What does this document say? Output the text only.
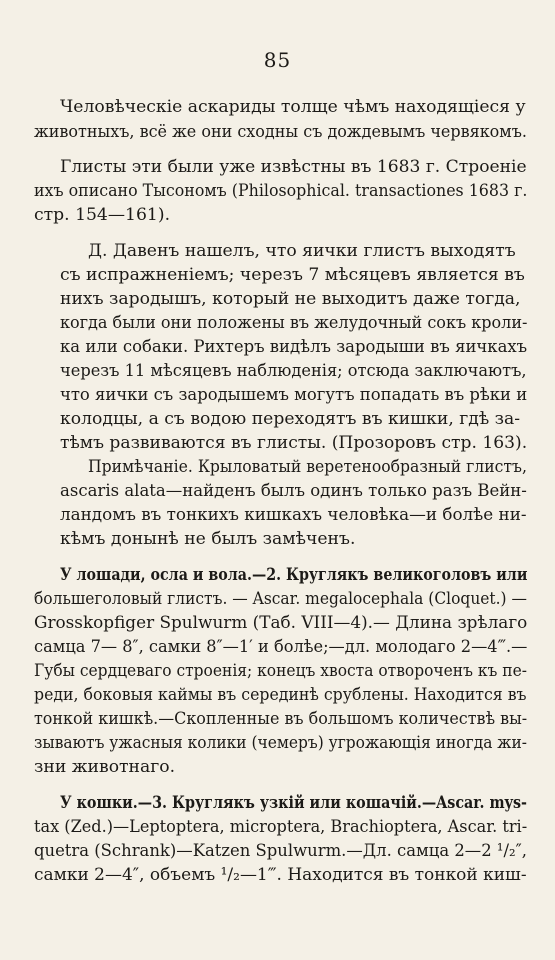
85
Человѣческіе аскариды толще чѣмъ находящіеся у
животныхъ, всё же они сходны съ дождевымъ червякомъ.
Глисты эти были уже извѣстны въ 1683 г. Строеніе
ихъ описано Тысономъ (Philosophical. transactiones 1683 г.
стр. 154—161).
Д. Давенъ нашелъ, что яички глистъ выходятъ
съ испражненіемъ; черезъ 7 мѣсяцевъ является въ
нихъ зародышъ, который не выходитъ даже тогда,
когда были они положены въ желудочный сокъ кроли-
ка или собаки. Рихтеръ видѣлъ зародыши въ яичкахъ
черезъ 11 мѣсяцевъ наблюденія; отсюда заключаютъ,
что яички съ зародышемъ могутъ попадать въ рѣки и
колодцы, а съ водою переходятъ въ кишки, гдѣ за-
тѣмъ развиваются въ глисты. (Прозоровъ стр. 163).
Примѣчаніе. Крыловатый веретенообразный глистъ,
ascaris alata—найденъ былъ одинъ только разъ Вейн-
ландомъ въ тонкихъ кишкахъ человѣка—и болѣе ни-
кѣмъ донынѣ не былъ замѣченъ.
У лошади, осла и вола.—2. Круглякъ великоголовъ или
большеголовый глистъ. — Ascar. megalocephala (Cloquet.) —
Grosskopfiger Spulwurm (Таб. VIII—4).— Длина зрѣлаго
самца 7— 8″, самки 8″—1′ и болѣе;—дл. молодаго 2—4‴.—
Губы сердцеваго строенія; конецъ хвоста отвороченъ къ пе-
реди, боковыя каймы въ серединѣ срублены. Находится въ
тонкой кишкѣ.—Скопленные въ большомъ количествѣ вы-
зываютъ ужасныя колики (чемеръ) угрожающія иногда жи-
зни животнаго.
У кошки.—3. Круглякъ узкій или кошачій.—Ascar. mys-
tax (Zed.)—Leptoptera, microptera, Brachioptera, Ascar. tri-
quetra (Schrank)—Katzen Spulwurm.—Дл. самца 2—2 ¹/₂″,
самки 2—4″, объемъ ¹/₂—1‴. Находится въ тонкой киш-
